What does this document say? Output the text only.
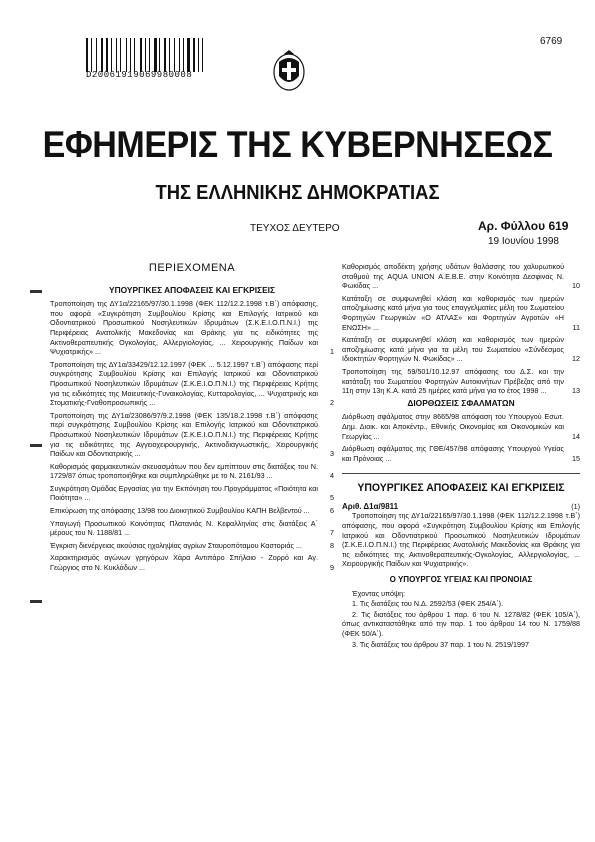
D20061919069980008
6769
ΕΦΗΜΕΡΙΣ ΤΗΣ ΚΥΒΕΡΝΗΣΕΩΣ
ΤΗΣ ΕΛΛΗΝΙΚΗΣ ΔΗΜΟΚΡΑΤΙΑΣ
ΤΕΥΧΟΣ ΔΕΥΤΕΡΟ	Αρ. Φύλλου 619
19 Ιουνίου 1998
ΠΕΡΙΕΧΟΜΕΝΑ
ΥΠΟΥΡΓΙΚΕΣ ΑΠΟΦΑΣΕΙΣ ΚΑΙ ΕΓΚΡΙΣΕΙΣ
Τροποποίηση της ΔΥ1α/22165/97/30.1.1998 (ΦΕΚ 112/12.2.1998 τ.Β΄) απόφασης, που αφορά «Συγκρότηση Συμβουλίου Κρίσης και Επιλογής Ιατρικού και Οδοντιατρικού Προσωπικού Νοσηλευτικών Ιδρυμάτων (Σ.Κ.Ε.Ι.Ο.Π.Ν.Ι.) της Περιφέρειας Ανατολικής Μακεδονίας και Θράκης για τις ειδικότητες της Ακτινοθεραπευτικής Ογκολογίας, Αλλεργιολογίας, ... Χειρουργικής Παίδων και Ψυχιατρικής» ...	1
Τροποποίηση της ΔΥ1α/33429/12.12.1997 (ΦΕΚ ... 5.12.1997 τ.Β΄) απόφασης περί συγκρότησης Συμβουλίου Κρίσης και Επιλογής Ιατρικού και Οδοντιατρικού Προσωπικού Νοσηλευτικών Ιδρυμάτων (Σ.Κ.Ε.Ι.Ο.Π.Ν.Ι.) της Περιφέρειας Κρήτης για τις ειδικότητες της Μαιευτικής-Γυναικολογίας, Κυτταρολογίας, ... Ψυχιατρικής και Στοματικής-Γναθοπροσωπικής ...	2
Τροποποίηση της ΔΥ1α/23086/97/9.2.1998 (ΦΕΚ 135/18.2.1998 τ.Β΄) απόφασης περί συγκρότησης Συμβουλίου Κρίσης και Επιλογής Ιατρικού και Οδοντιατρικού Προσωπικού Νοσηλευτικών Ιδρυμάτων (Σ.Κ.Ε.Ι.Ο.Π.Ν.Ι.) της Περιφέρειας Κρήτης για τις ειδικότητες της Αγγειοχειρουργικής, Ακτινοδιαγνωστικής, Χειρουργικής Παίδων και Οδοντιατρικής ...	3
Καθορισμός φαρμακευτικών σκευασμάτων που δεν εμπίπτουν στις διατάξεις του Ν. 1729/87 όπως τροποποιήθηκε και συμπληρώθηκε με το Ν. 2161/93 ...	4
Συγκρότηση Ομάδας Εργασίας για την Εκπόνηση του Προγράμματος «Ποιότητα και Ποιότητα» ...	5
Επικύρωση της απόφασης 13/98 του Διοικητικού Συμβουλίου ΚΑΠΗ Βελβεντού ...	6
Υπαγωγή Προσωπικού Κοινότητας Πλατανιάς Ν. Κεφαλληνίας στις διατάξεις Α΄ μέρους του Ν. 1188/81 ...	7
Έγκριση διενέργειας ακούσιας ηχοληψίας αγρίων Σταυροπόταμου Καστοριάς ...	8
Χαρακτηρισμός αγώνων γρηγόρων Χάρα Αντιπάρο Σπήλαιο - Ζορρό και Αγ. Γεώργιος στο Ν. Κυκλάδων ...	9
Καθορισμός αποδέκτη χρήσης υδάτων θαλάσσης του χαλυρωτικού σταθμού της AQUA UNION Α.Ε.Β.Ε. στην Κοινότητα Δεσφινας Ν. Φωκίδας ...	10
Κατάταξη σε συμφωνηθεί κλάση και καθορισμός των ημερών αποζημίωσης κατά μήνα για τους επαγγελματίες μέλη του Σωματείου Φορτηγών Γεωργικών «Ο ΑΤΛΑΣ» και Φορτηγών Αγροτών «Η ΕΝΩΣΗ» ...	11
Κατάταξη σε συμφωνηθεί κλάση και καθορισμός των ημερών αποζημίωσης κατά μήνα για τα μέλη του Σωματείου «Σύνδεσμος Ιδιοκτητών Φορτηγών Ν. Φωκίδας» ...	12
Τροποποίηση της 59/501/10.12.97 απόφασης του Δ.Σ. και την κατάταξη του Σωματείου Φορτηγών Αυτοκινήτων Πρέβεζας από την 11η στην 13η Κ.Α. κατά 25 ημέρες κατά μήνα για το έτος 1998 ...	13
ΔΙΟΡΘΩΣΕΙΣ ΣΦΑΛΜΑΤΩΝ
Διόρθωση σφάλματος στην 8665/98 απόφαση του Υπουργού Εσωτ. Δημ. Διοικ. και Αποκέντρ., Εθνικής Οικονομίας και Οικονομικών και Γεωργίας ...	14
Διόρθωση σφάλματος της ΓΘΕ/457/98 απόφασης Υπουργού Υγείας και Πρόνοιας ...	15
ΥΠΟΥΡΓΙΚΕΣ ΑΠΟΦΑΣΕΙΣ ΚΑΙ ΕΓΚΡΙΣΕΙΣ
Αριθ. Δ1α/9811	(1)
Τροποποίηση της ΔΥ1α/22165/97/30.1.1998 (ΦΕΚ 112/12.2.1998 τ.Β΄) απόφασης, που αφορά «Συγκρότηση Συμβουλίου Κρίσης και Επιλογής Ιατρικού και Οδοντιατρικού Προσωπικού Νοσηλευτικών Ιδρυμάτων (Σ.Κ.Ε.Ι.Ο.Π.Ν.Ι.) της Περιφέρειας Ανατολικής Μακεδονίας και Θράκης για τις ειδικότητες της Ακτινοθεραπευτικής-Ογκολογίας, Αλλεργιολογίας, ... Χειρουργικής Παίδων και Ψυχιατρικής».
Ο ΥΠΟΥΡΓΟΣ ΥΓΕΙΑΣ ΚΑΙ ΠΡΟΝΟΙΑΣ
Έχοντας υπόψη:
1. Τις διατάξεις του Ν.Δ. 2592/53 (ΦΕΚ 254/Α΄).
2. Τις διατάξεις του άρθρου 1 παρ. 6 του Ν. 1278/82 (ΦΕΚ 105/Α΄), όπως αντικαταστάθηκε από την παρ. 1 του άρθρου 14 του Ν. 1759/88 (ΦΕΚ 50/Α΄).
3. Τις διατάξεις του άρθρου 37 παρ. 1 του Ν. 2519/1997
